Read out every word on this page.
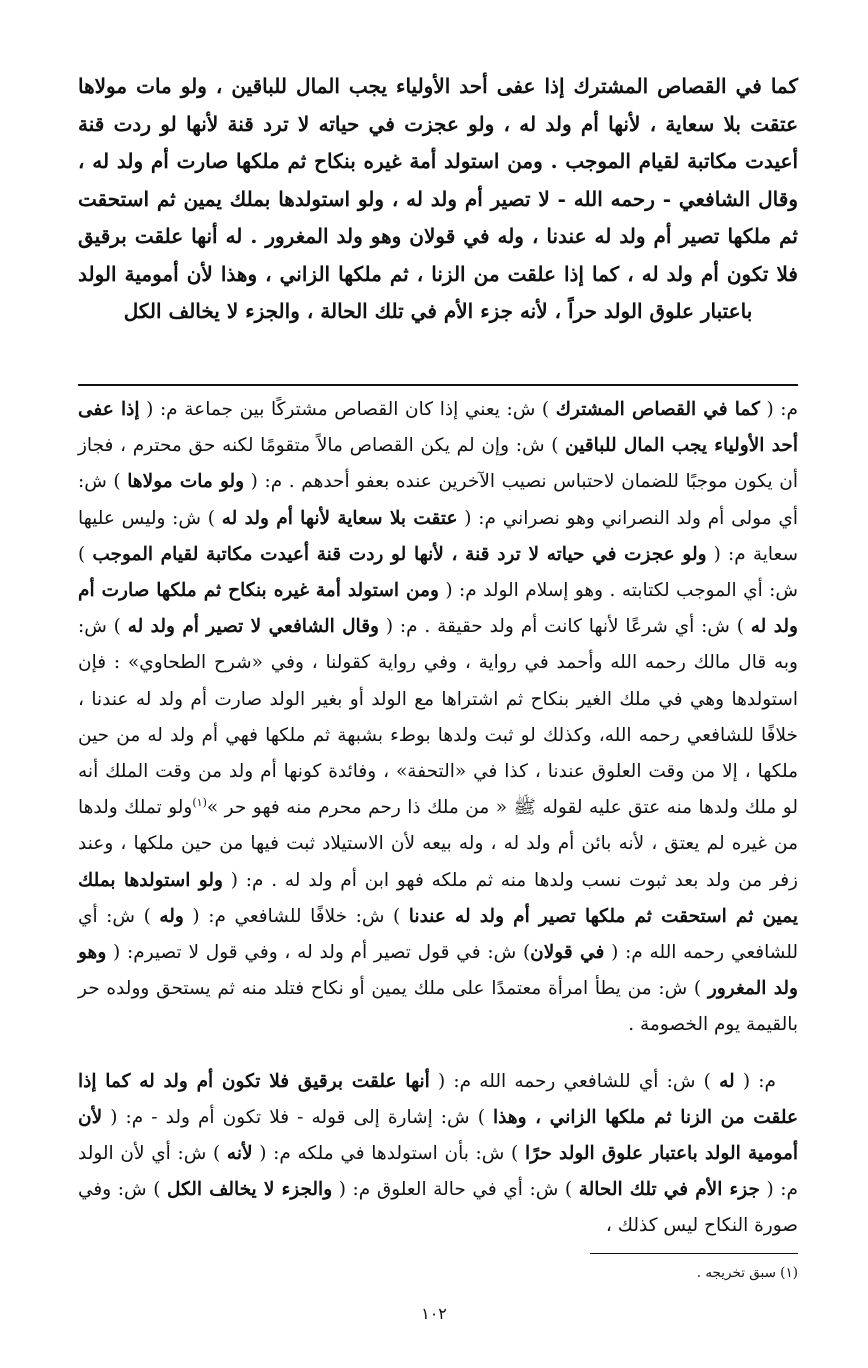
كما في القصاص المشترك إذا عفى أحد الأولياء يجب المال للباقين ، ولو مات مولاها عتقت بلا سعاية ، لأنها أم ولد له ، ولو عجزت في حياته لا ترد قنة لأنها لو ردت قنة أعيدت مكاتبة لقيام الموجب . ومن استولد أمة غيره بنكاح ثم ملكها صارت أم ولد له ، وقال الشافعي - رحمه الله - لا تصير أم ولد له ، ولو استولدها بملك يمين ثم استحقت ثم ملكها تصير أم ولد له عندنا ، وله في قولان وهو ولد المغرور . له أنها علقت برقيق فلا تكون أم ولد له ، كما إذا علقت من الزنا ، ثم ملكها الزاني ، وهذا لأن أمومية الولد باعتبار علوق الولد حراً ، لأنه جزء الأم في تلك الحالة ، والجزء لا يخالف الكل

م: ( كما في القصاص المشترك ) ش: يعني إذا كان القصاص مشتركًا بين جماعة م: ( إذا عفى أحد الأولياء يجب المال للباقين ) ش: وإن لم يكن القصاص مالاً متقومًا لكنه حق محترم ، فجاز أن يكون موجبًا للضمان لاحتباس نصيب الآخرين عنده بعفو أحدهم . م: ( ولو مات مولاها ) ش: أي مولى أم ولد النصراني وهو نصراني م: ( عتقت بلا سعاية لأنها أم ولد له ) ش: وليس عليها سعاية م: ( ولو عجزت في حياته لا ترد قنة ، لأنها لو ردت قنة أعيدت مكاتبة لقيام الموجب ) ش: أي الموجب لكتابته . وهو إسلام الولد م: ( ومن استولد أمة غيره بنكاح ثم ملكها صارت أم ولد له ) ش: أي شرعًا لأنها كانت أم ولد حقيقة . م: ( وقال الشافعي لا تصير أم ولد له ) ش: وبه قال مالك رحمه الله وأحمد في رواية ، وفي رواية كقولنا ، وفي «شرح الطحاوي» : فإن استولدها وهي في ملك الغير بنكاح ثم اشتراها مع الولد أو بغير الولد صارت أم ولد له عندنا ، خلافًا للشافعي رحمه الله، وكذلك لو ثبت ولدها بوطء بشبهة ثم ملكها فهي أم ولد له من حين ملكها ، إلا من وقت العلوق عندنا ، كذا في «التحفة» ، وفائدة كونها أم ولد من وقت الملك أنه لو ملك ولدها منه عتق عليه لقوله ﷺ « من ملك ذا رحم محرم منه فهو حر »$^{(١)}$ولو تملك ولدها من غيره لم يعتق ، لأنه بائن أم ولد له ، وله بيعه لأن الاستيلاد ثبت فيها من حين ملكها ، وعند زفر من ولد بعد ثبوت نسب ولدها منه ثم ملكه فهو ابن أم ولد له . م: ( ولو استولدها بملك يمين ثم استحقت ثم ملكها تصير أم ولد له عندنا ) ش: خلافًا للشافعي م: ( وله ) ش: أي للشافعي رحمه الله م: ( في قولان) ش: في قول تصير أم ولد له ، وفي قول لا تصيرم: ( وهو ولد المغرور ) ش: من يطأ امرأة معتمدًا على ملك يمين أو نكاح فتلد منه ثم يستحق وولده حر بالقيمة يوم الخصومة .

م: ( له ) ش: أي للشافعي رحمه الله م: ( أنها علقت برقيق فلا تكون أم ولد له كما إذا علقت من الزنا ثم ملكها الزاني ، وهذا ) ش: إشارة إلى قوله - فلا تكون أم ولد - م: ( لأن أمومية الولد باعتبار علوق الولد حرًا ) ش: بأن استولدها في ملكه م: ( لأنه ) ش: أي لأن الولد م: ( جزء الأم في تلك الحالة ) ش: أي في حالة العلوق م: ( والجزء لا يخالف الكل ) ش: وفي صورة النكاح ليس كذلك ،

(١) سبق تخريجه .
١٠٢
